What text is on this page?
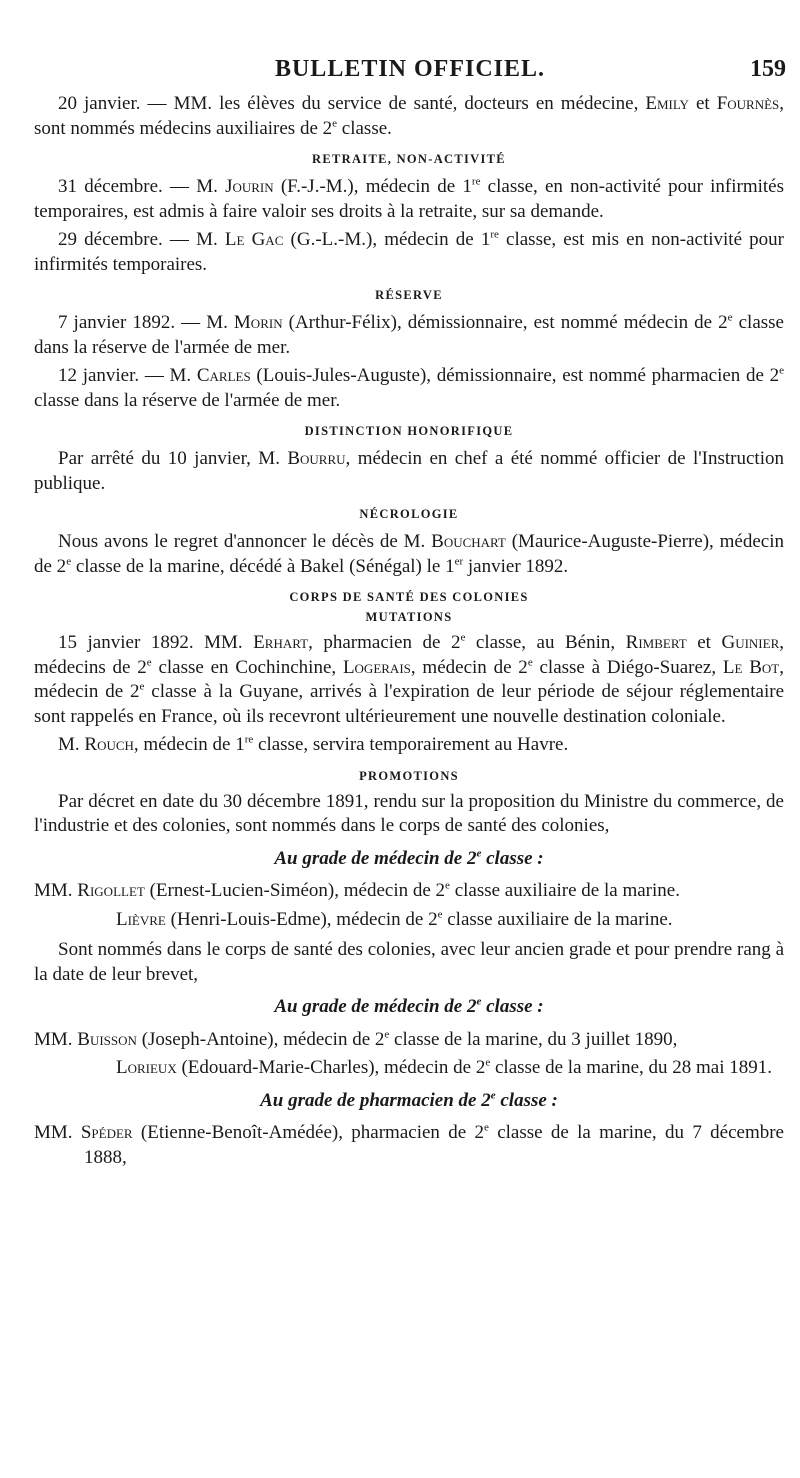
BULLETIN OFFICIEL.	159

20 janvier. — MM. les élèves du service de santé, docteurs en médecine, Emily et Fournès, sont nommés médecins auxiliaires de 2e classe.

RETRAITE, NON-ACTIVITÉ

31 décembre. — M. Jourin (F.-J.-M.), médecin de 1re classe, en non-activité pour infirmités temporaires, est admis à faire valoir ses droits à la retraite, sur sa demande.

29 décembre. — M. Le Gac (G.-L.-M.), médecin de 1re classe, est mis en non-activité pour infirmités temporaires.

RÉSERVE

7 janvier 1892. — M. Morin (Arthur-Félix), démissionnaire, est nommé médecin de 2e classe dans la réserve de l'armée de mer.

12 janvier. — M. Carles (Louis-Jules-Auguste), démissionnaire, est nommé pharmacien de 2e classe dans la réserve de l'armée de mer.

DISTINCTION HONORIFIQUE

Par arrêté du 10 janvier, M. Bourru, médecin en chef a été nommé officier de l'Instruction publique.

NÉCROLOGIE

Nous avons le regret d'annoncer le décès de M. Bouchart (Maurice-Auguste-Pierre), médecin de 2e classe de la marine, décédé à Bakel (Sénégal) le 1er janvier 1892.

CORPS DE SANTÉ DES COLONIES
MUTATIONS

15 janvier 1892. MM. Erhart, pharmacien de 2e classe, au Bénin, Rimbert et Guinier, médecins de 2e classe en Cochinchine, Logerais, médecin de 2e classe à Diégo-Suarez, Le Bot, médecin de 2e classe à la Guyane, arrivés à l'expiration de leur période de séjour réglementaire sont rappelés en France, où ils recevront ultérieurement une nouvelle destination coloniale.

M. Rouch, médecin de 1re classe, servira temporairement au Havre.

PROMOTIONS

Par décret en date du 30 décembre 1891, rendu sur la proposition du Ministre du commerce, de l'industrie et des colonies, sont nommés dans le corps de santé des colonies,

Au grade de médecin de 2e classe :

MM. Rigollet (Ernest-Lucien-Siméon), médecin de 2e classe auxiliaire de la marine.

Lièvre (Henri-Louis-Edme), médecin de 2e classe auxiliaire de la marine.

Sont nommés dans le corps de santé des colonies, avec leur ancien grade et pour prendre rang à la date de leur brevet,

Au grade de médecin de 2e classe :

MM. Buisson (Joseph-Antoine), médecin de 2e classe de la marine, du 3 juillet 1890,

Lorieux (Edouard-Marie-Charles), médecin de 2e classe de la marine, du 28 mai 1891.

Au grade de pharmacien de 2e classe :

MM. Spéder (Etienne-Benoît-Amédée), pharmacien de 2e classe de la marine, du 7 décembre 1888,
